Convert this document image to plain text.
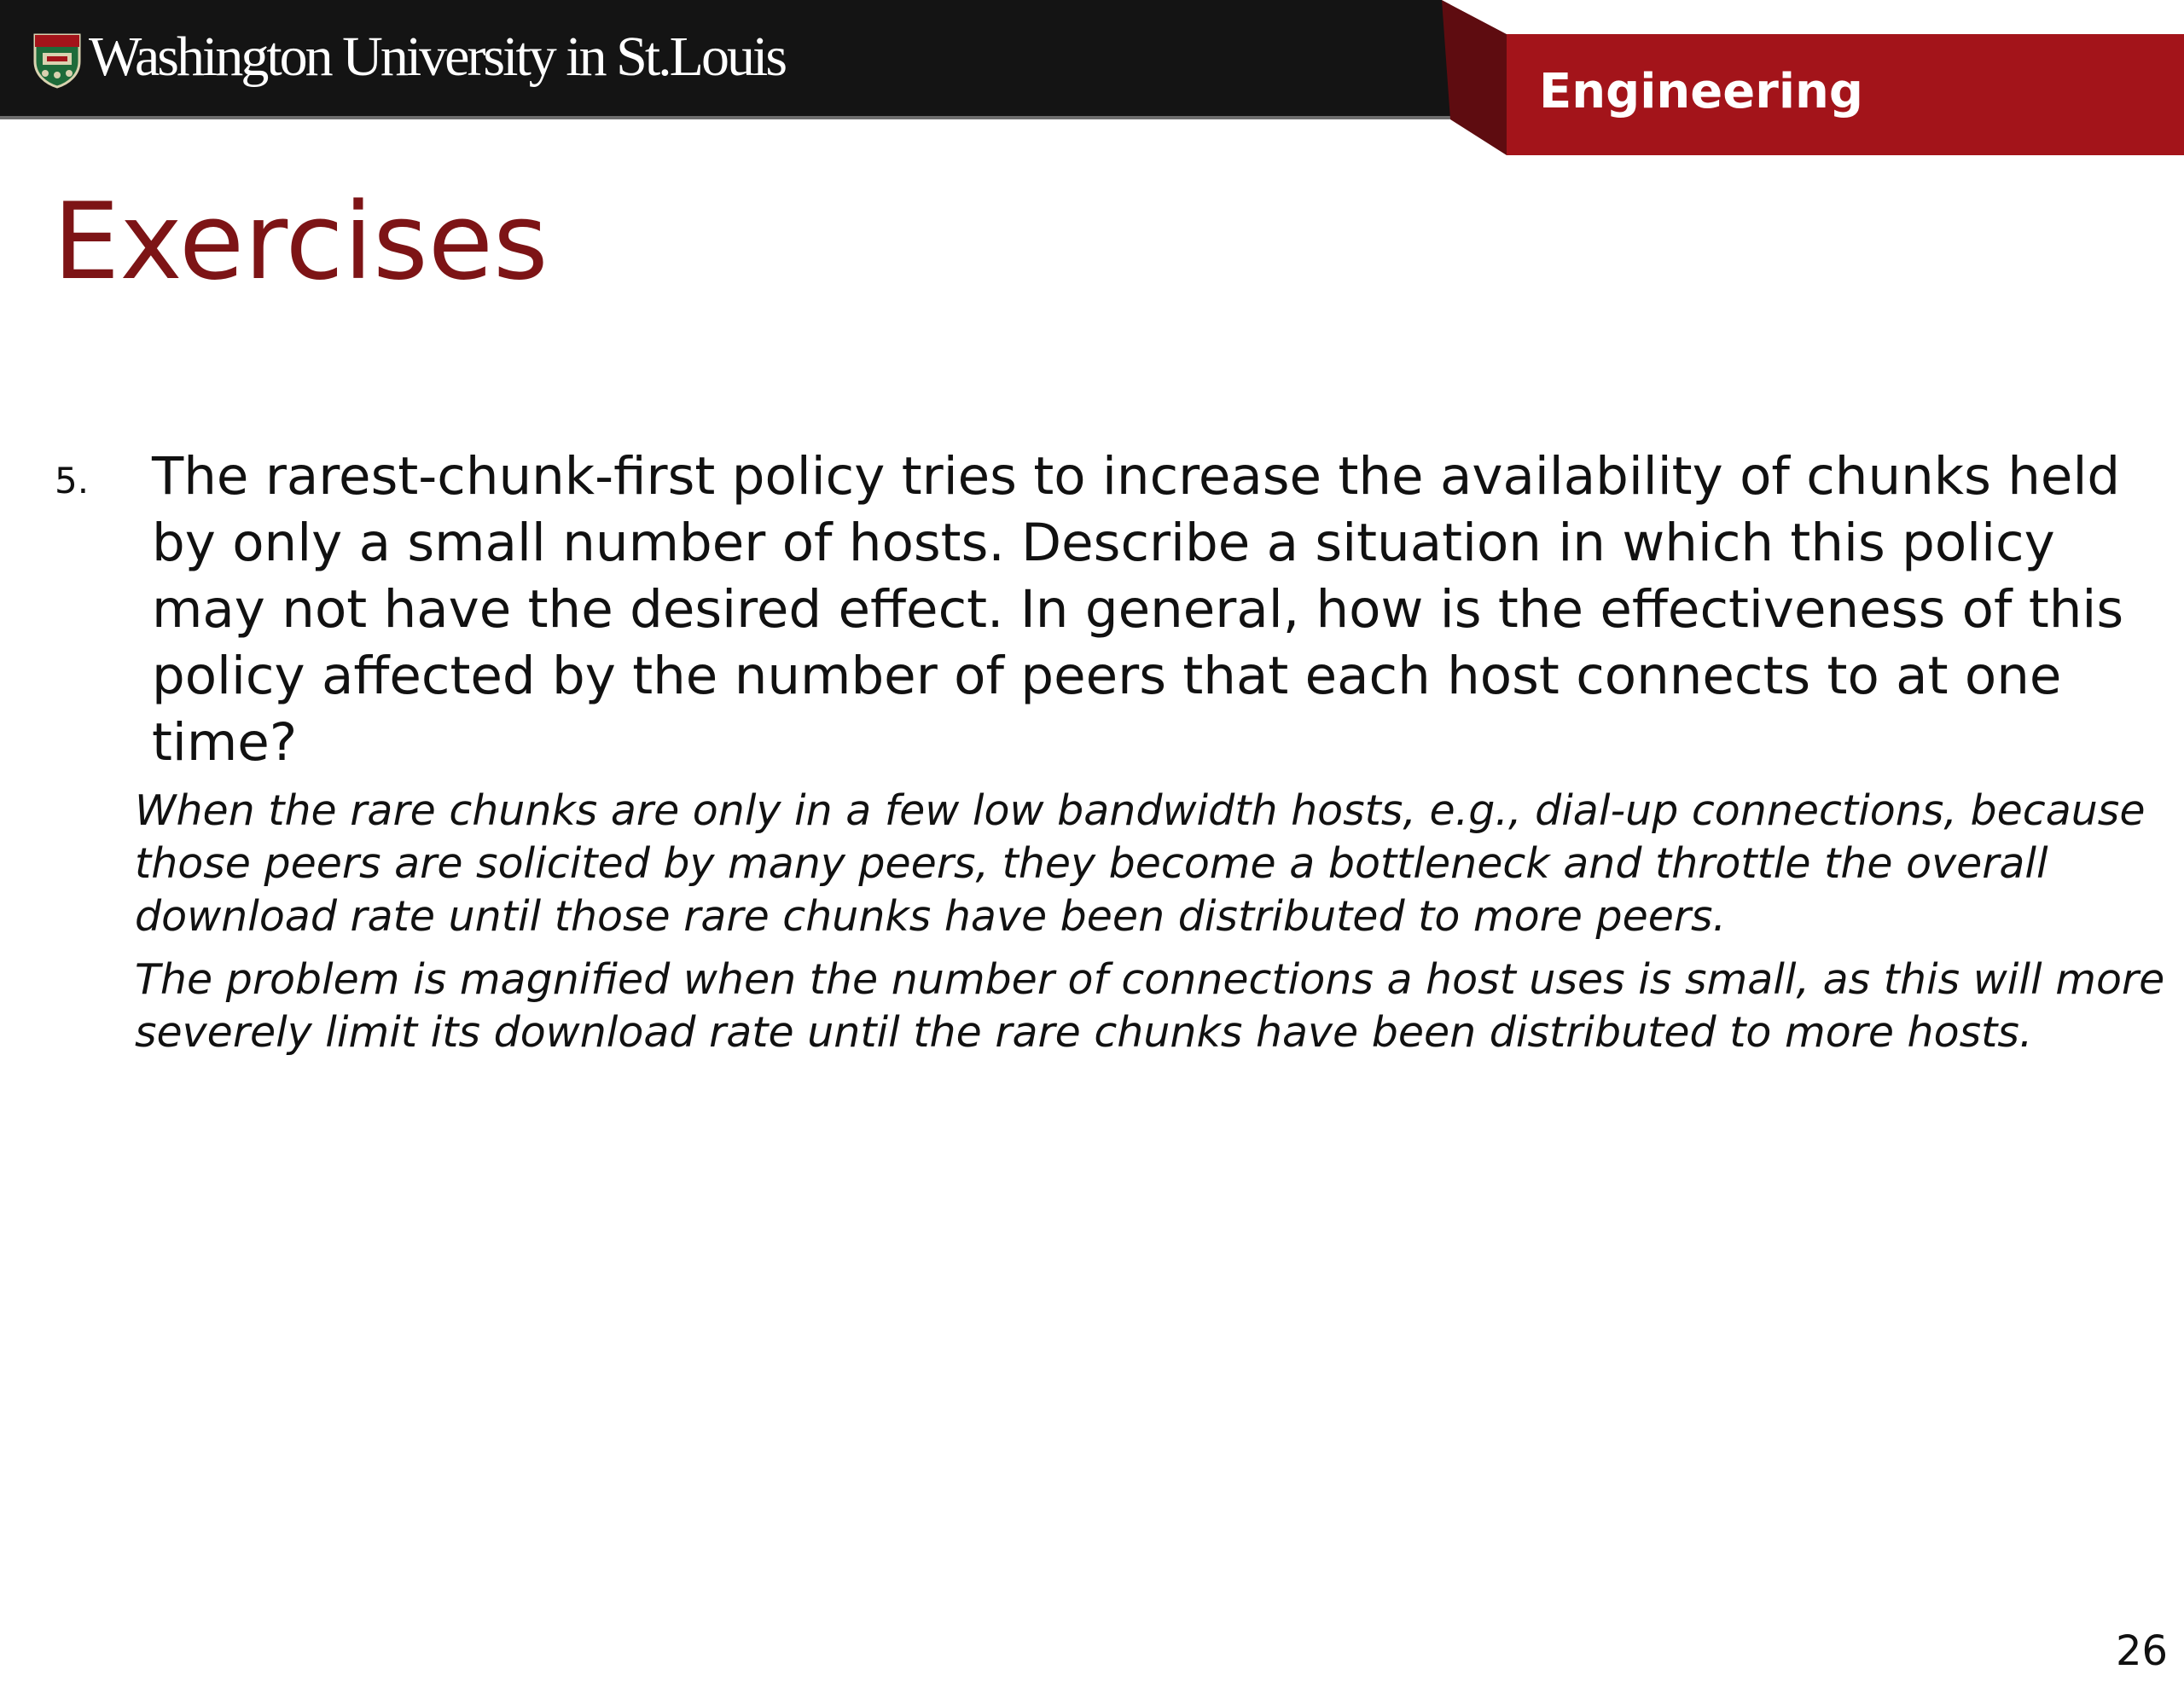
Washington University in St.Louis
Engineering
Exercises
5. The rarest-chunk-first policy tries to increase the availability of chunks held by only a small number of hosts. Describe a situation in which this policy may not have the desired effect. In general, how is the effectiveness of this policy affected by the number of peers that each host connects to at one time?

When the rare chunks are only in a few low bandwidth hosts, e.g., dial-up connections, because those peers are solicited by many peers, they become a bottleneck and throttle the overall download rate until those rare chunks have been distributed to more peers.

The problem is magnified when the number of connections a host uses is small, as this will more severely limit its download rate until the rare chunks have been distributed to more hosts.

26
